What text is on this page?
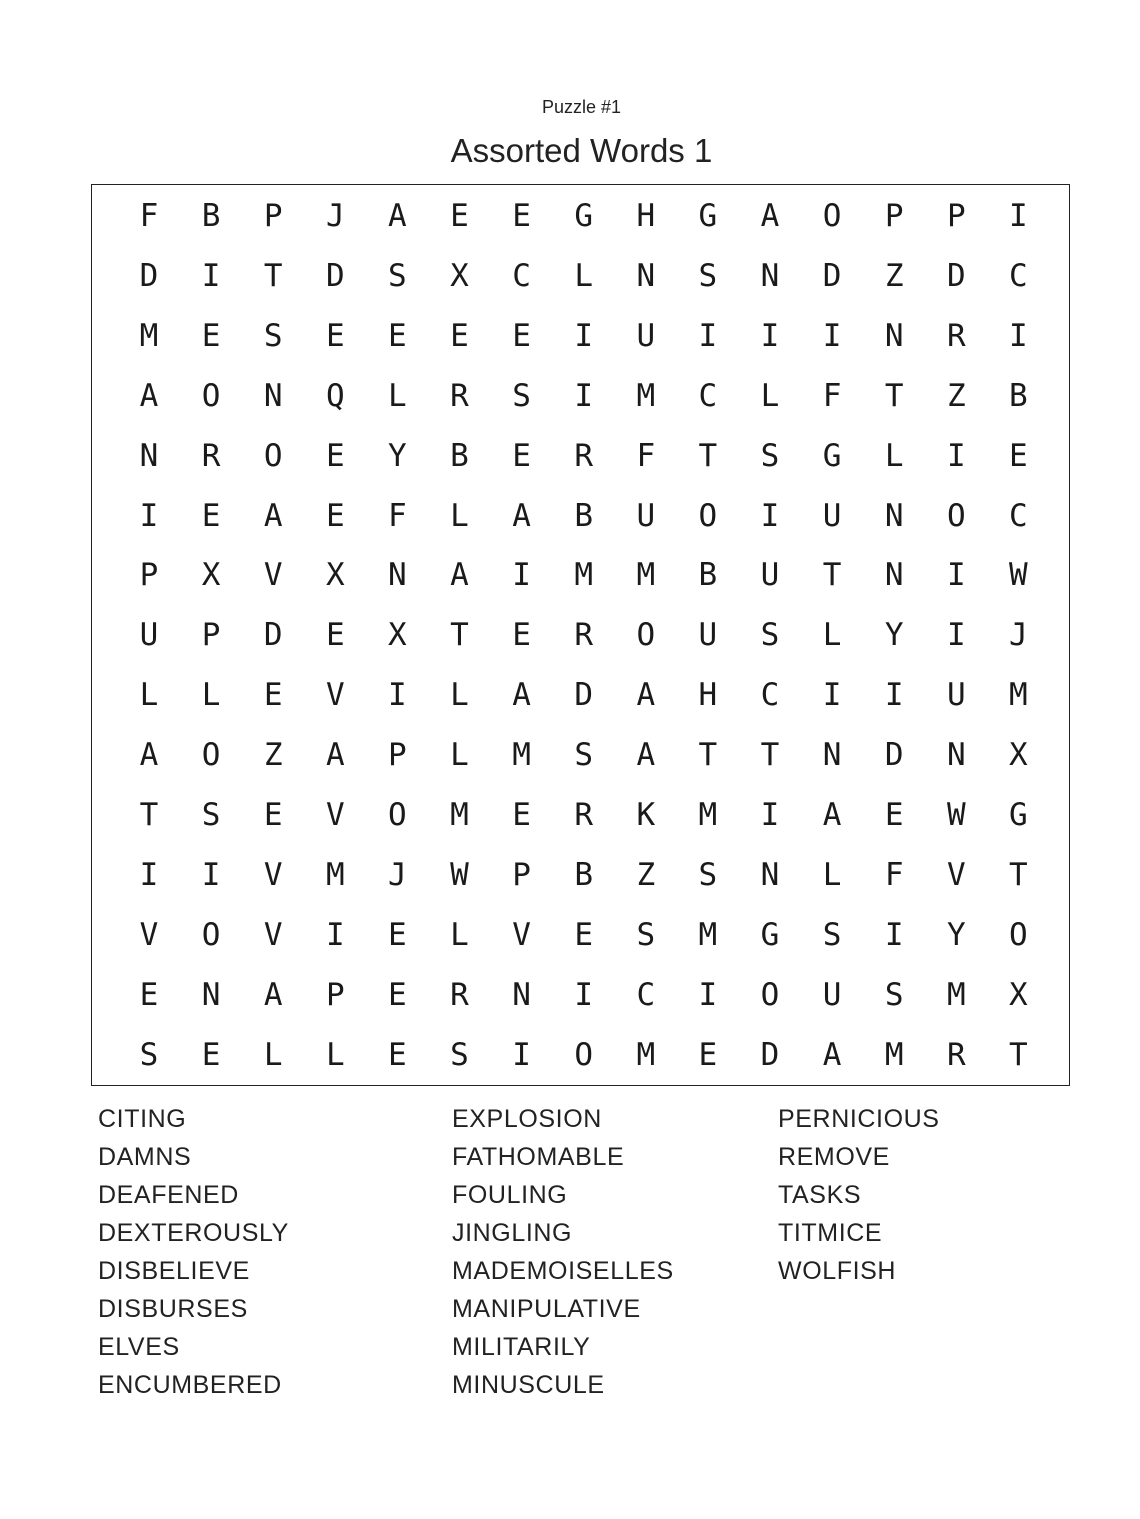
Puzzle #1
Assorted Words 1
F	B	P	J	A	E	E	G	H	G	A	O	P	P	I
D	I	T	D	S	X	C	L	N	S	N	D	Z	D	C
M	E	S	E	E	E	E	I	U	I	I	I	N	R	I
A	O	N	Q	L	R	S	I	M	C	L	F	T	Z	B
N	R	O	E	Y	B	E	R	F	T	S	G	L	I	E
I	E	A	E	F	L	A	B	U	O	I	U	N	O	C
P	X	V	X	N	A	I	M	M	B	U	T	N	I	W
U	P	D	E	X	T	E	R	O	U	S	L	Y	I	J
L	L	E	V	I	L	A	D	A	H	C	I	I	U	M
A	O	Z	A	P	L	M	S	A	T	T	N	D	N	X
T	S	E	V	O	M	E	R	K	M	I	A	E	W	G
I	I	V	M	J	W	P	B	Z	S	N	L	F	V	T
V	O	V	I	E	L	V	E	S	M	G	S	I	Y	O
E	N	A	P	E	R	N	I	C	I	O	U	S	M	X
S	E	L	L	E	S	I	O	M	E	D	A	M	R	T
CITING
DAMNS
DEAFENED
DEXTEROUSLY
DISBELIEVE
DISBURSES
ELVES
ENCUMBERED
EXPLOSION
FATHOMABLE
FOULING
JINGLING
MADEMOISELLES
MANIPULATIVE
MILITARILY
MINUSCULE
PERNICIOUS
REMOVE
TASKS
TITMICE
WOLFISH
